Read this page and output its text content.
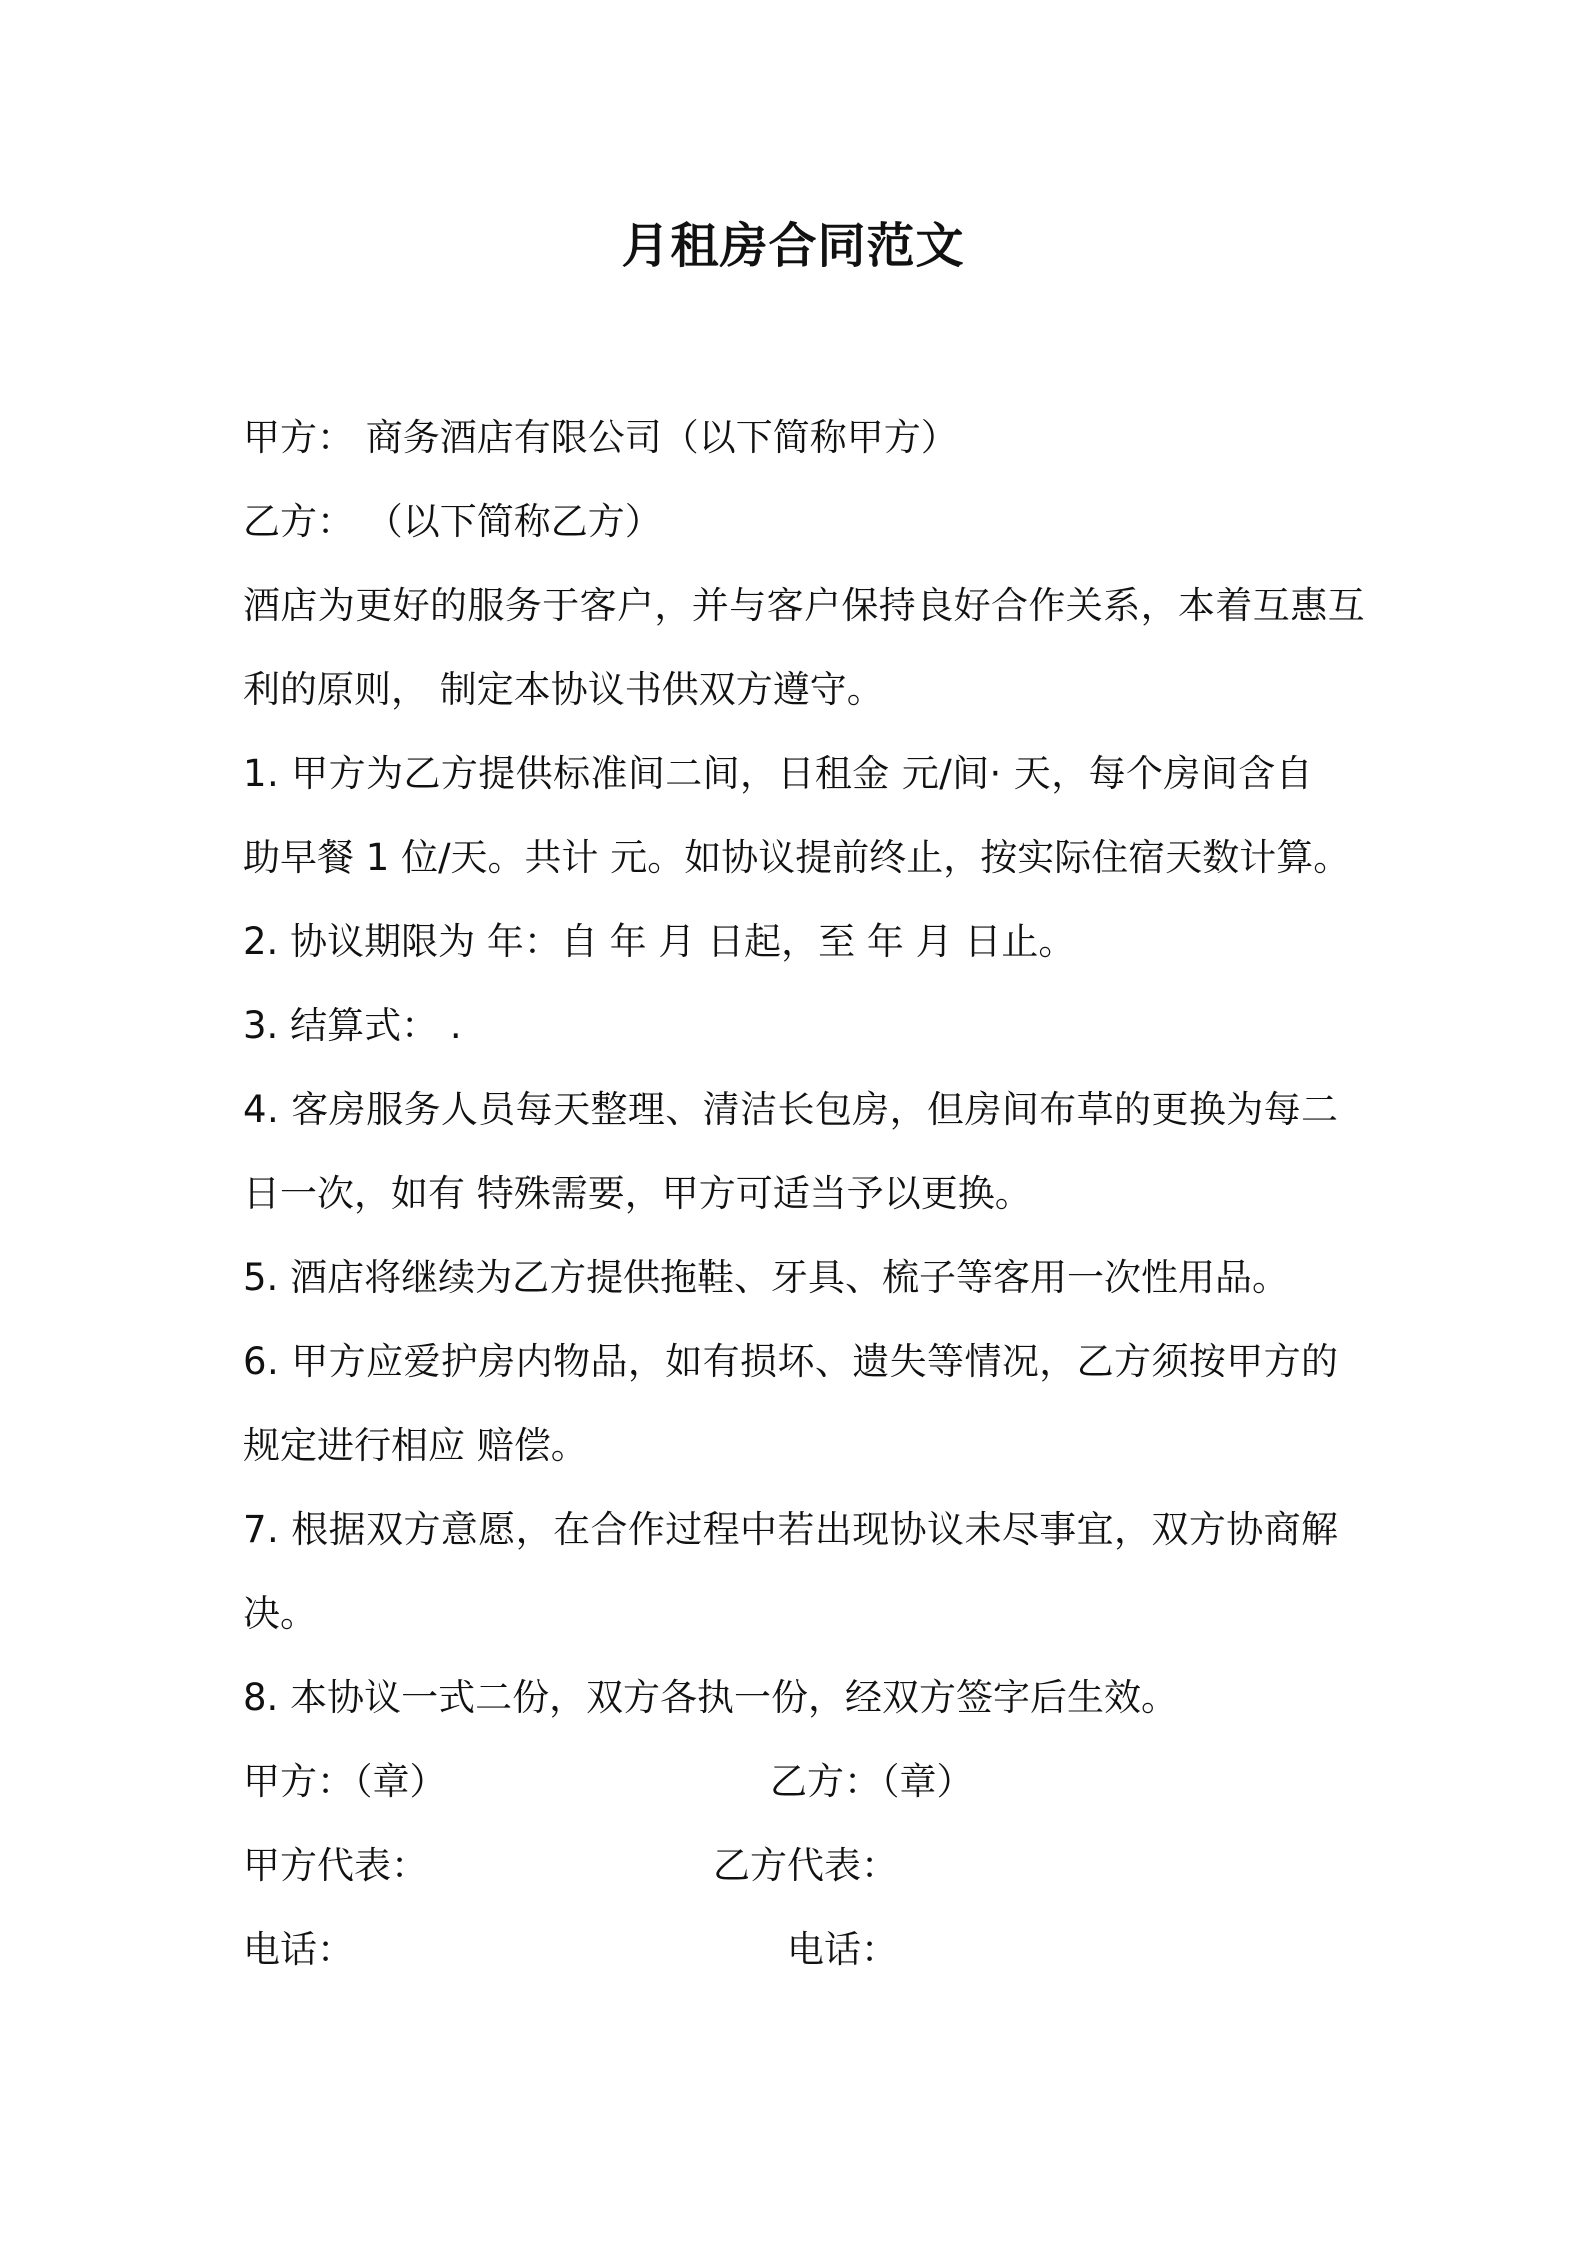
月租房合同范文
甲方： 商务酒店有限公司（以下简称甲方）
乙方： （以下简称乙方）
酒店为更好的服务于客户，并与客户保持良好合作关系，本着互惠互
利的原则， 制定本协议书供双方遵守。
1. 甲方为乙方提供标准间二间，日租金 元/间· 天，每个房间含自
助早餐 1 位/天。共计 元。如协议提前终止，按实际住宿天数计算。
2. 协议期限为 年：自 年 月 日起，至 年 月 日止。
3. 结算式： .
4. 客房服务人员每天整理、清洁长包房，但房间布草的更换为每二
日一次，如有 特殊需要，甲方可适当予以更换。
5. 酒店将继续为乙方提供拖鞋、牙具、梳子等客用一次性用品。
6. 甲方应爱护房内物品，如有损坏、遗失等情况，乙方须按甲方的
规定进行相应 赔偿。
7. 根据双方意愿，在合作过程中若出现协议未尽事宜，双方协商解
决。
8. 本协议一式二份，双方各执一份，经双方签字后生效。
甲方：（章）	乙方：（章）
甲方代表：	乙方代表：
电话：	电话：
